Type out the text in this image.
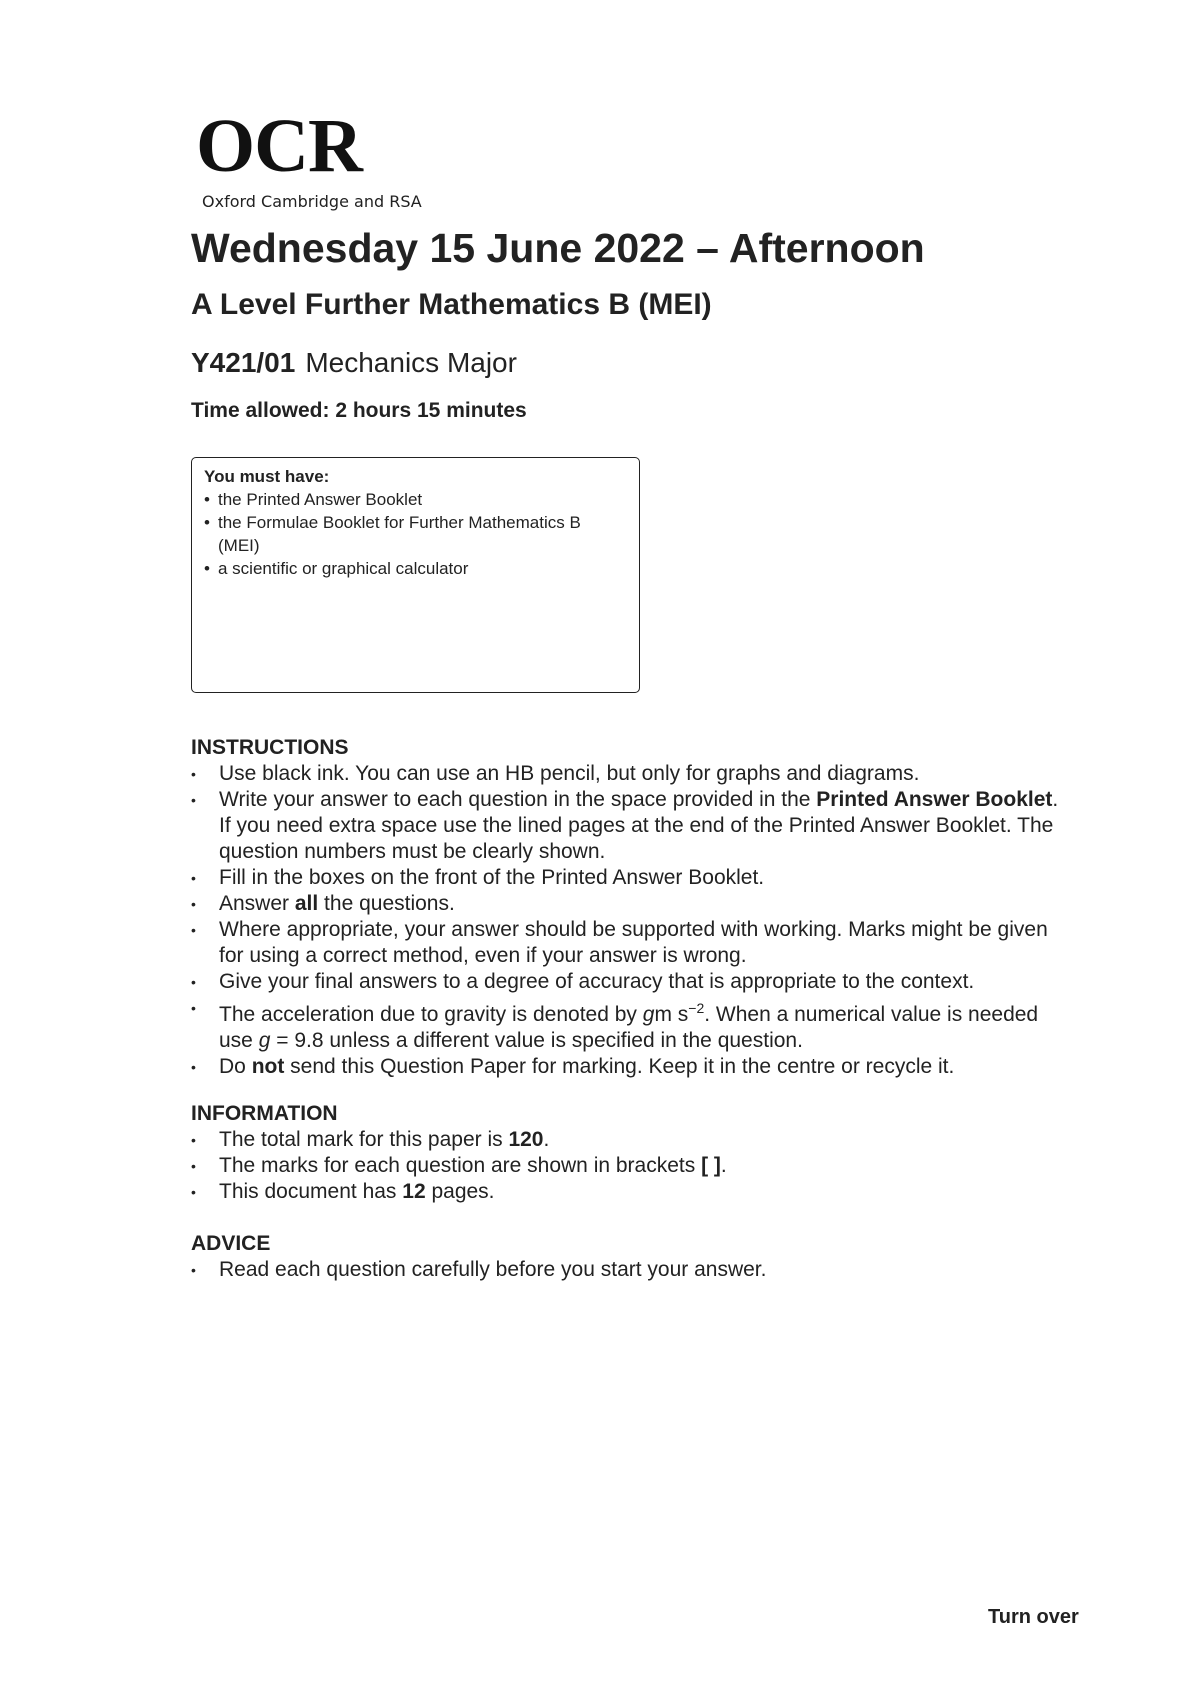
OCR
Oxford Cambridge and RSA
Wednesday 15 June 2022 – Afternoon
A Level Further Mathematics B (MEI)
Y421/01 Mechanics Major
Time allowed: 2 hours 15 minutes
You must have:
• the Printed Answer Booklet
• the Formulae Booklet for Further Mathematics B (MEI)
• a scientific or graphical calculator
INSTRUCTIONS
• Use black ink. You can use an HB pencil, but only for graphs and diagrams.
• Write your answer to each question in the space provided in the Printed Answer Booklet. If you need extra space use the lined pages at the end of the Printed Answer Booklet. The question numbers must be clearly shown.
• Fill in the boxes on the front of the Printed Answer Booklet.
• Answer all the questions.
• Where appropriate, your answer should be supported with working. Marks might be given for using a correct method, even if your answer is wrong.
• Give your final answers to a degree of accuracy that is appropriate to the context.
• The acceleration due to gravity is denoted by gm $s^{-2}$. When a numerical value is needed use g = 9.8 unless a different value is specified in the question.
• Do not send this Question Paper for marking. Keep it in the centre or recycle it.
INFORMATION
• The total mark for this paper is 120.
• The marks for each question are shown in brackets [ ].
• This document has 12 pages.
ADVICE
• Read each question carefully before you start your answer.
Turn over
